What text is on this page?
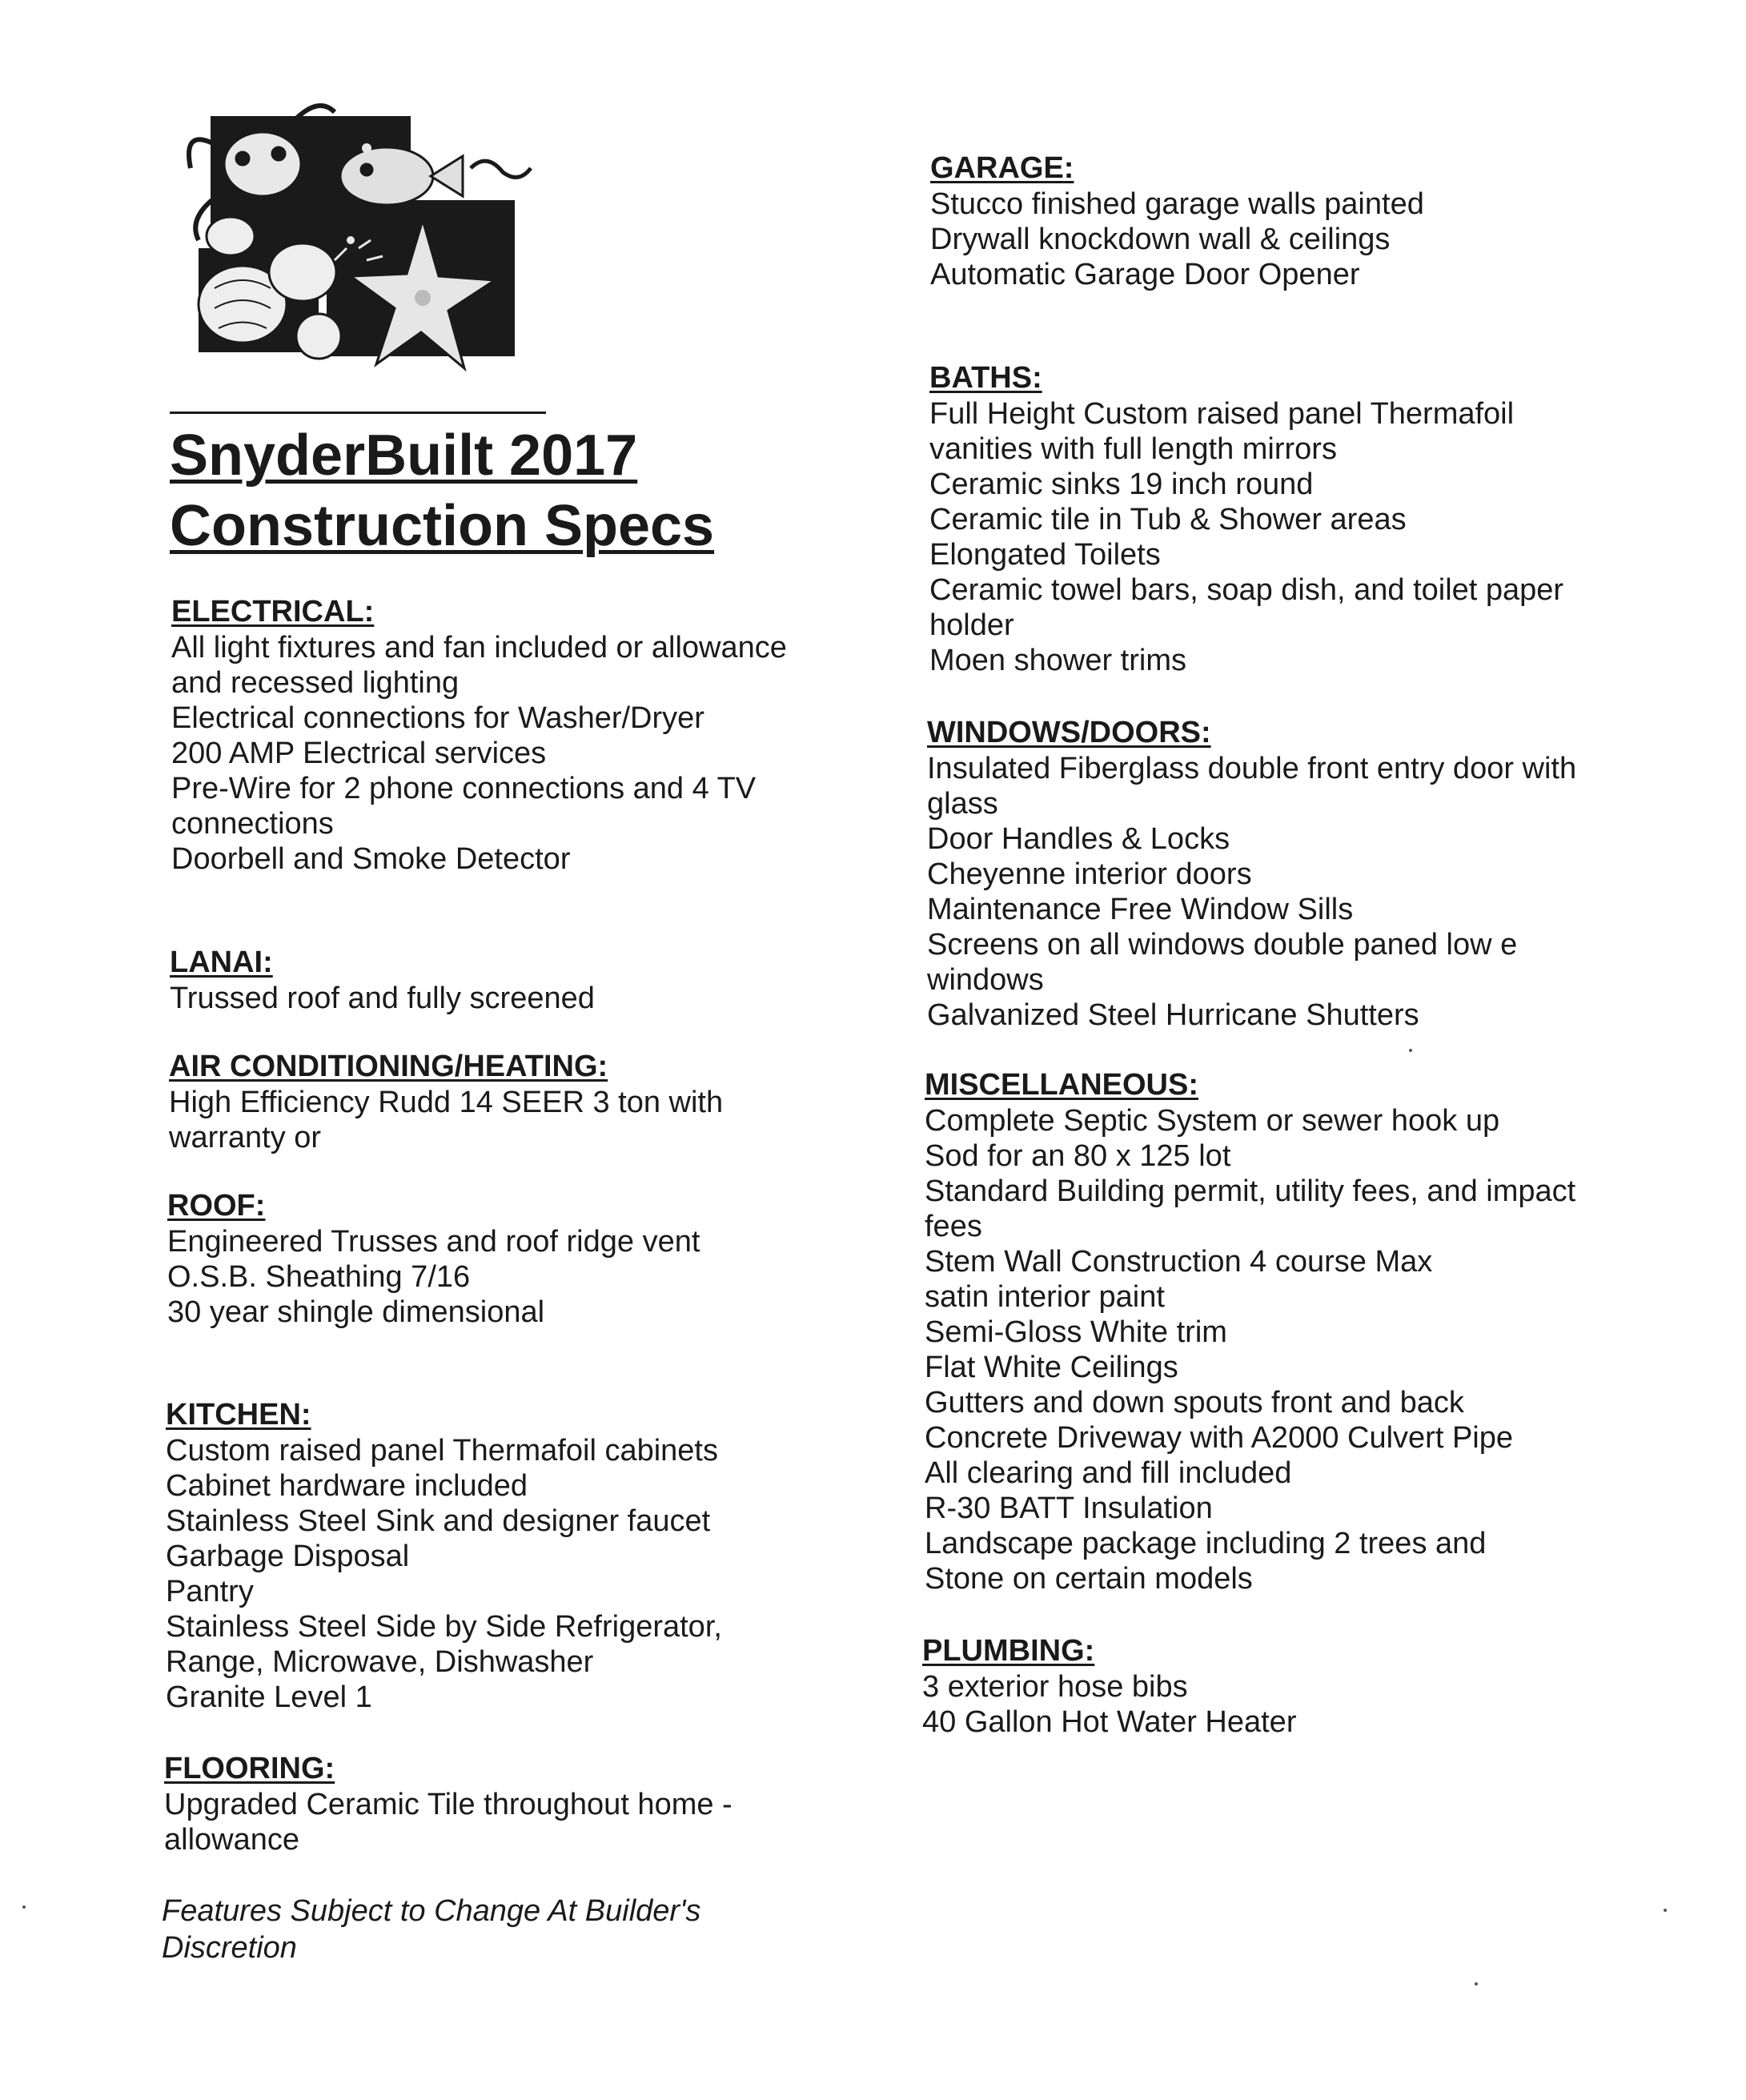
SnyderBuilt 2017
Construction Specs
ELECTRICAL:
All light fixtures and fan included or allowance
and recessed lighting
Electrical connections for Washer/Dryer
200 AMP Electrical services
Pre-Wire for 2 phone connections and 4 TV
connections
Doorbell and Smoke Detector
LANAI:
Trussed roof and fully screened
AIR CONDITIONING/HEATING:
High Efficiency Rudd 14 SEER 3 ton with
warranty or
ROOF:
Engineered Trusses and roof ridge vent
O.S.B. Sheathing 7/16
30 year shingle dimensional
KITCHEN:
Custom raised panel Thermafoil cabinets
Cabinet hardware included
Stainless Steel Sink and designer faucet
Garbage Disposal
Pantry
Stainless Steel Side by Side Refrigerator,
Range, Microwave, Dishwasher
Granite Level 1
FLOORING:
Upgraded Ceramic Tile throughout home -
allowance

Features Subject to Change At Builder's Discretion

GARAGE:
Stucco finished garage walls painted
Drywall knockdown wall & ceilings
Automatic Garage Door Opener
BATHS:
Full Height Custom raised panel Thermafoil
vanities with full length mirrors
Ceramic sinks 19 inch round
Ceramic tile in Tub & Shower areas
Elongated Toilets
Ceramic towel bars, soap dish, and toilet paper
holder
Moen shower trims
WINDOWS/DOORS:
Insulated Fiberglass double front entry door with
glass
Door Handles & Locks
Cheyenne interior doors
Maintenance Free Window Sills
Screens on all windows double paned low e
windows
Galvanized Steel Hurricane Shutters
MISCELLANEOUS:
Complete Septic System or sewer hook up
Sod for an 80 x 125 lot
Standard Building permit, utility fees, and impact
fees
Stem Wall Construction 4 course Max
satin interior paint
Semi-Gloss White trim
Flat White Ceilings
Gutters and down spouts front and back
Concrete Driveway with A2000 Culvert Pipe
All clearing and fill included
R-30 BATT Insulation
Landscape package including 2 trees and
Stone on certain models
PLUMBING:
3 exterior hose bibs
40 Gallon Hot Water Heater
